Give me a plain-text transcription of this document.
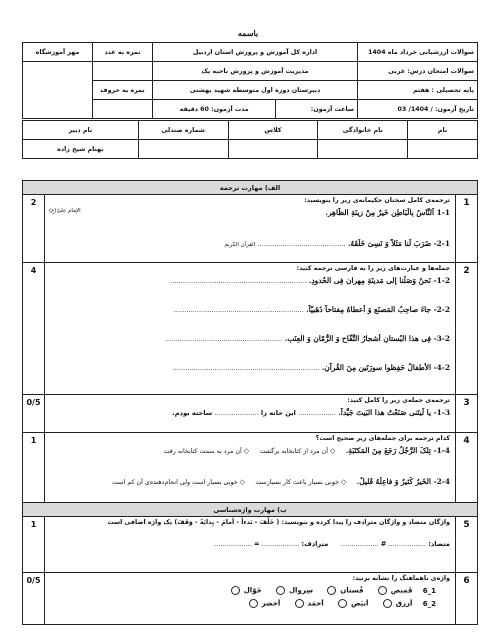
باسمه
سوالات ارزشیابی خرداد ماه 1404	اداره کل آموزش و پرورش استان اردبیل		نمره به عدد	مهر آموزشگاه
سوالات امتحان درس: عربی	مدیریت آموزش و پرورش ناحیه یک			
پایه تحصیلی : هفتم	دبیرستان دوره اول متوسطه شهید بهشتی		نمره به حروف	
تاریخ آزمون: / 1404/ 03	ساعت آزمون:	مدت آزمون: 60 دقیقه		
نام	نام خانوادگی	کلاس	شماره صندلی	نام دبیر
				بهنام شیخ زاده
الف) مهارت ترجمه		
1	ترجمه‌ی کامل سخنان حکیمانه‌ی زیر را بنویسید:
1-1 اَلنَّاسُ بِالْبَاطِنِ خَیرٌ مِنْ زینَةِ الظّاهِرِ.
الإمام علیٌ(ع)
2-1- ضَرَبَ لَنا مَثَلاً وَ نَسِیَ خَلْقَهُ. .......................................... القرآن الکریم	2
2	جمله‌ها و عبارت‌های زیر را به فارسی ترجمه کنید:
1-2- نَحنُ وَصَلْنا إلی مَدینَةِ مِهران فِی الحُدودِ. .................................................................
2-2- جاءَ صاحِبُ المَصنَعِ وَ أعطاهُ مِفتاحاً ذَهَبیّاً. ..............................................................
3-2- فِی هذا البُستانِ أشجارُ التُّفّاحِ وَ الرُّمّانِ وَ العِنَبِ. ........................................................
4-2- الأطفالُ حَفِظوا سورَتَینِ مِنَ القُرآنِ. ......................................................................	4
3	ترجمه‌ی جمله‌ی زیر را کامل کنید:
1-3- یا لَیتَنی صَنَعْتُ هذا البَیتَ جَیِّداً. .................. این خانه را ..................... ساخته بودم.	0/5
4	کدام ترجمه برای جمله‌های زیر صحیح است؟
1-4- تِلکَ الرَّجُلُ رَجَعَ مِنَ المَکتَبَةِ. ◇ آن مرد از کتابخانه برگشت ◇ آن مرد به سمت کتابخانه رفت
2-4- الخَیرُ کَثیرٌ وَ فاعِلُهُ قَلیلٌ. ◇ خوبی بسیار باعث کار بسیارست ◇ خوبی بسیار است ولی انجام‌دهنده‌ی آن کم است	1
ب) مهارت واژه‌شناسی		
5	واژگان متضاد و واژگان مترادف را پیدا کرده و بنویسید: ( خَلْفَ - بَدءاً - أمامَ - بِدایَةً - وَقَفَ) یک واژه اضافی است
متضاد: .................. # ..................      مترادف: .................. = ..................	1
6	واژه‌ی ناهماهنگ را نشانه بزنید:
1_6 قَمیص فُستان سِروال جَوّال
2_6 أزرق أبیَض أحمَد أخضر	0/5
